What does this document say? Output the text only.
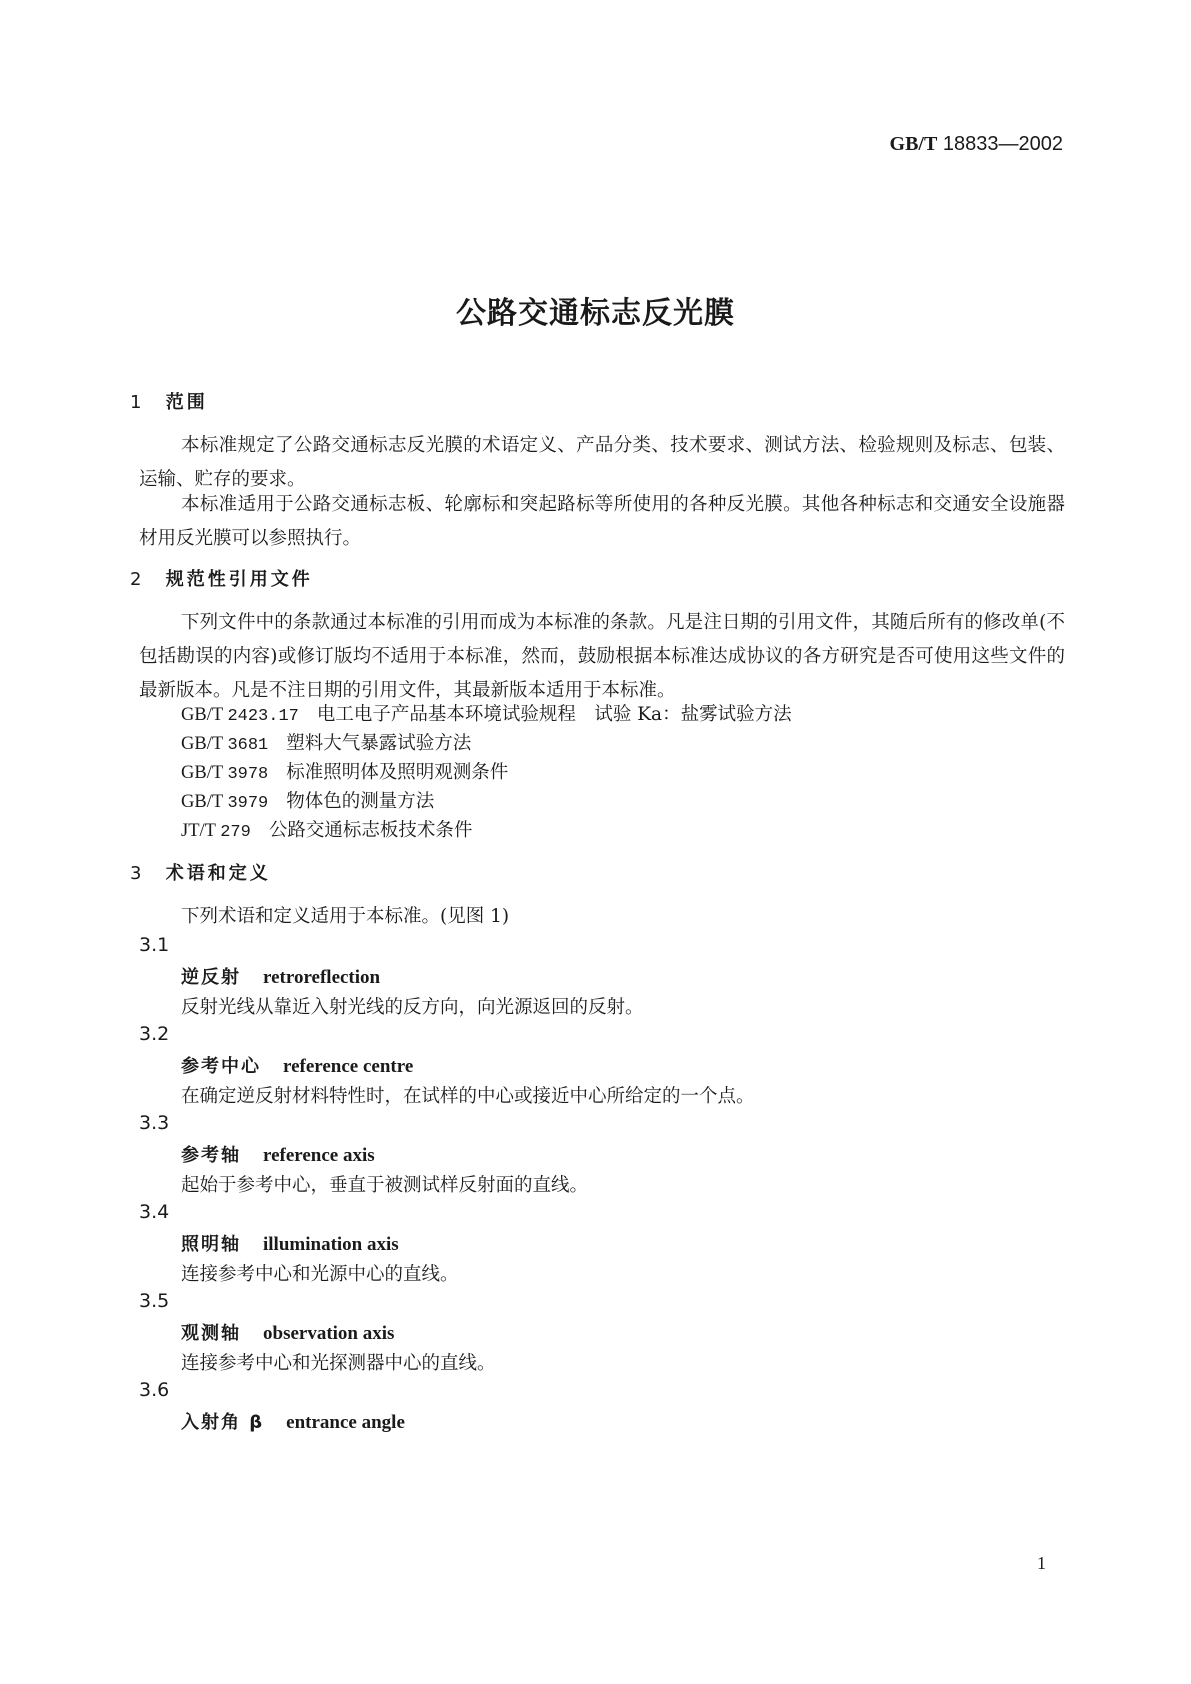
GB/T 18833—2002
公路交通标志反光膜
1 范围
本标准规定了公路交通标志反光膜的术语定义、产品分类、技术要求、测试方法、检验规则及标志、包装、运输、贮存的要求。
本标准适用于公路交通标志板、轮廓标和突起路标等所使用的各种反光膜。其他各种标志和交通安全设施器材用反光膜可以参照执行。
2 规范性引用文件
下列文件中的条款通过本标准的引用而成为本标准的条款。凡是注日期的引用文件，其随后所有的修改单(不包括勘误的内容)或修订版均不适用于本标准，然而，鼓励根据本标准达成协议的各方研究是否可使用这些文件的最新版本。凡是不注日期的引用文件，其最新版本适用于本标准。
GB/T 2423.17 电工电子产品基本环境试验规程　试验 Ka：盐雾试验方法
GB/T 3681 塑料大气暴露试验方法
GB/T 3978 标准照明体及照明观测条件
GB/T 3979 物体色的测量方法
JT/T 279 公路交通标志板技术条件
3 术语和定义
下列术语和定义适用于本标准。(见图 1)
3.1
逆反射 retroreflection
反射光线从靠近入射光线的反方向，向光源返回的反射。
3.2
参考中心 reference centre
在确定逆反射材料特性时，在试样的中心或接近中心所给定的一个点。
3.3
参考轴 reference axis
起始于参考中心，垂直于被测试样反射面的直线。
3.4
照明轴 illumination axis
连接参考中心和光源中心的直线。
3.5
观测轴 observation axis
连接参考中心和光探测器中心的直线。
3.6
入射角 β entrance angle
1
